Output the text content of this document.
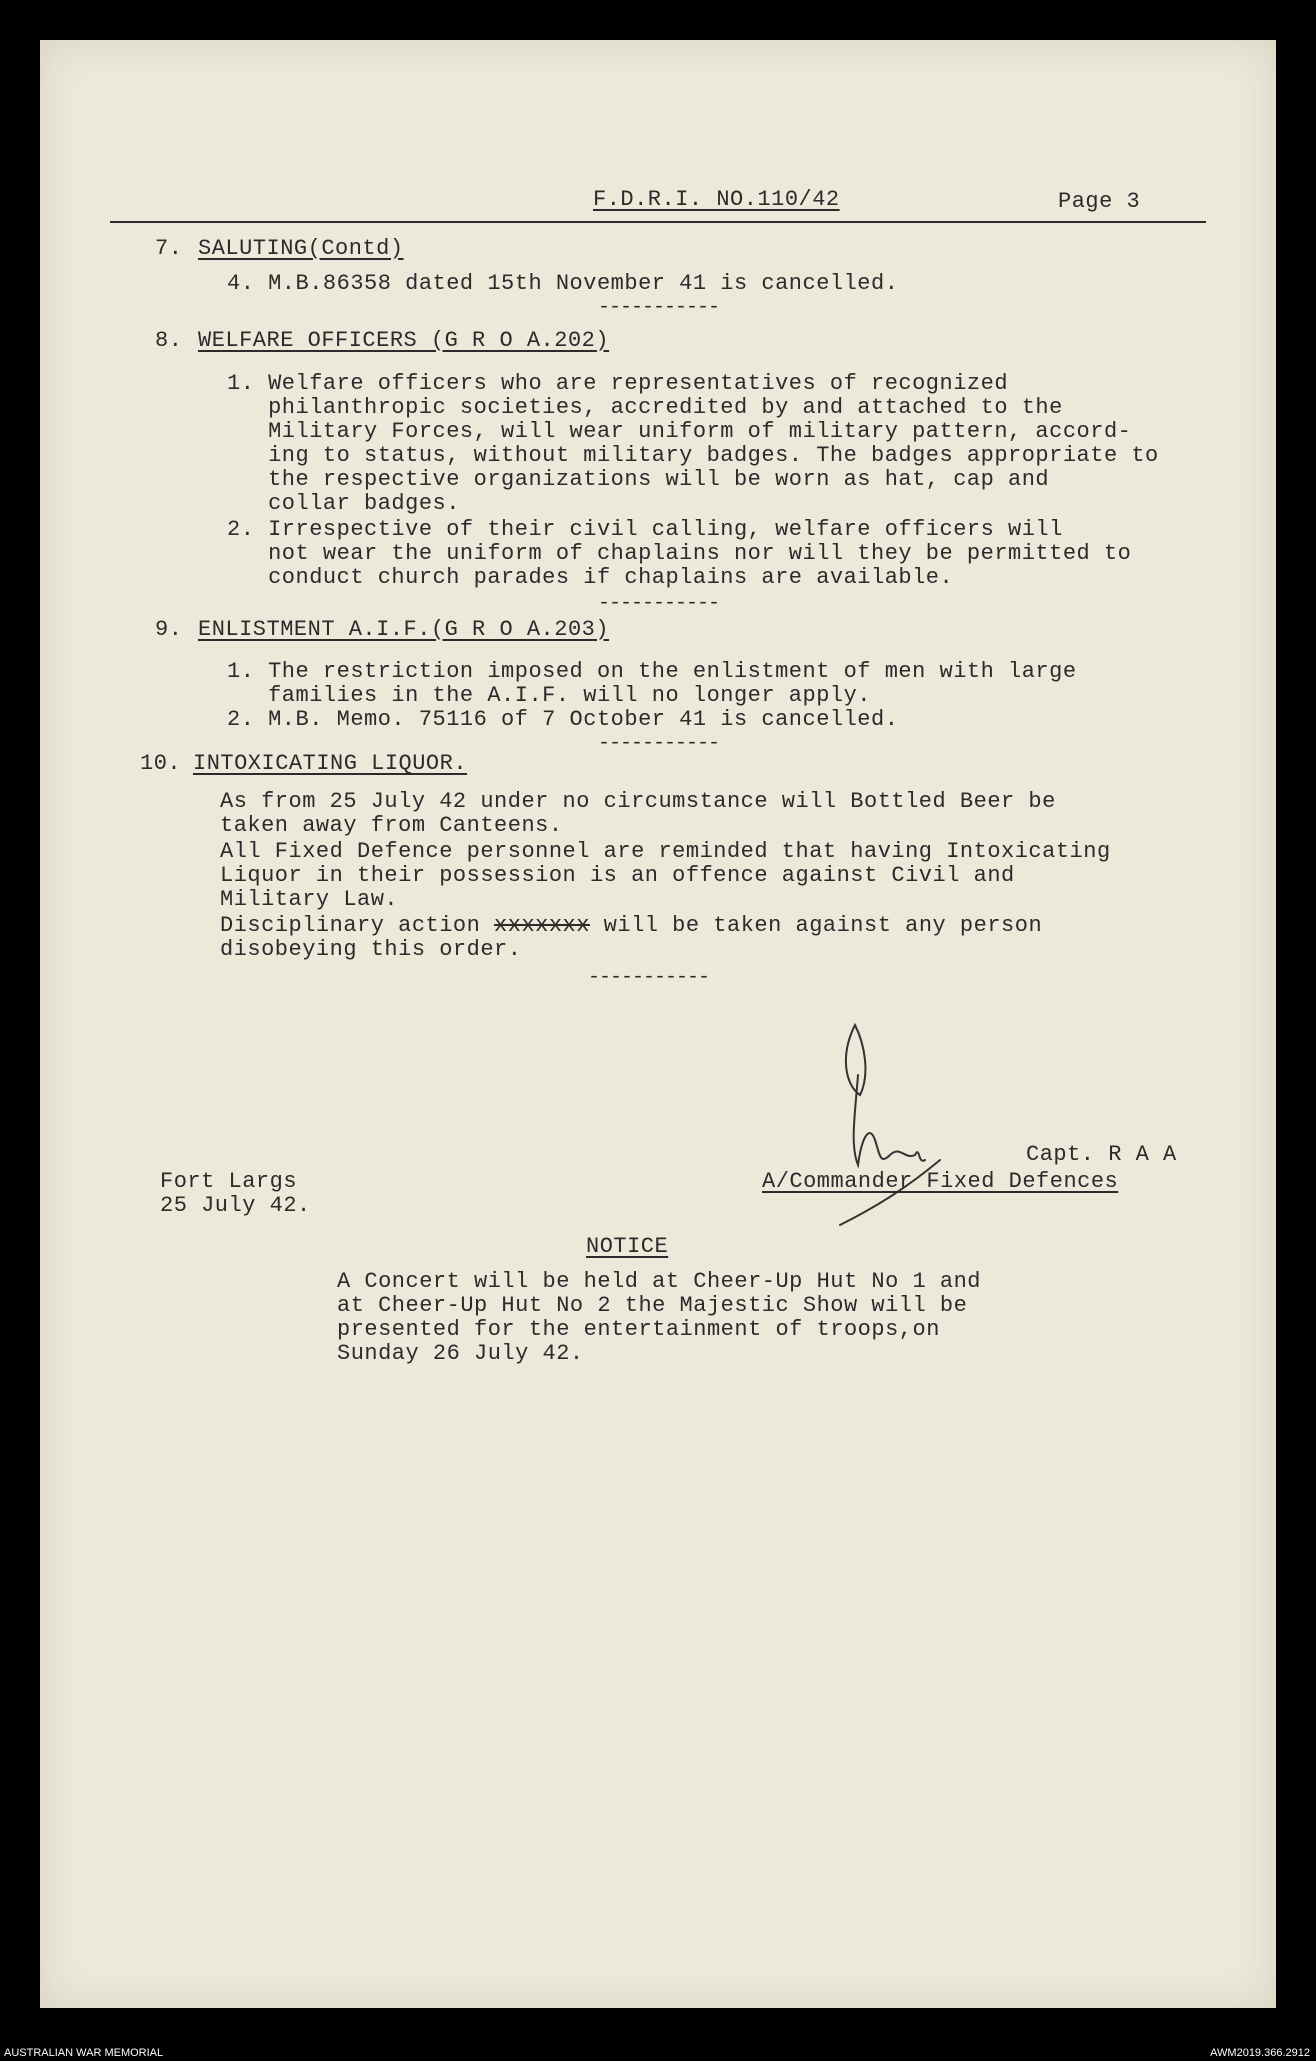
F.D.R.I. NO.110/42	Page 3
7. SALUTING(Contd)
4. M.B.86358 dated 15th November 41 is cancelled.
-----------
8. WELFARE OFFICERS (G R O A.202)
1. Welfare officers who are representatives of recognized
philanthropic societies, accredited by and attached to the
Military Forces, will wear uniform of military pattern, accord-
ing to status, without military badges. The badges appropriate to
the respective organizations will be worn as hat, cap and
collar badges.
2. Irrespective of their civil calling, welfare officers will
not wear the uniform of chaplains nor will they be permitted to
conduct church parades if chaplains are available.
-----------
9. ENLISTMENT A.I.F.(G R O A.203)
1. The restriction imposed on the enlistment of men with large
families in the A.I.F. will no longer apply.
2. M.B. Memo. 75116 of 7 October 41 is cancelled.
-----------
10. INTOXICATING LIQUOR.
As from 25 July 42 under no circumstance will Bottled Beer be
taken away from Canteens.
All Fixed Defence personnel are reminded that having Intoxicating
Liquor in their possession is an offence against Civil and
Military Law.
Disciplinary action xxxxxxx will be taken against any person
disobeying this order.
-----------
Capt. R A A
A/Commander Fixed Defences
Fort Largs
25 July 42.
NOTICE
A Concert will be held at Cheer-Up Hut No 1 and
at Cheer-Up Hut No 2 the Majestic Show will be
presented for the entertainment of troops,on
Sunday 26 July 42.
AUSTRALIAN WAR MEMORIAL	AWM2019.366.2912
